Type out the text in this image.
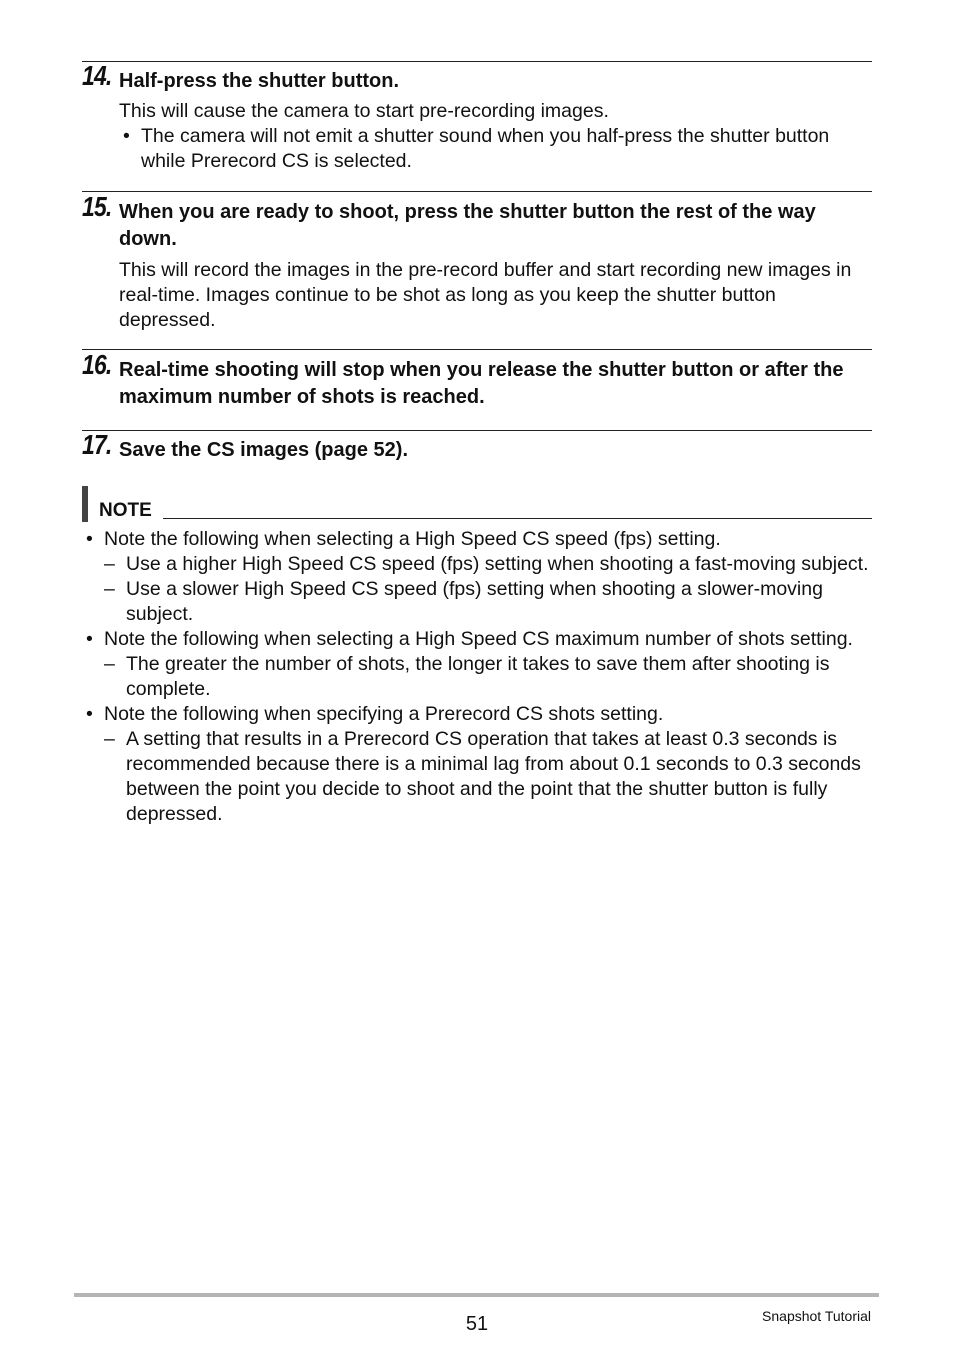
14. Half-press the shutter button.
This will cause the camera to start pre-recording images.
• The camera will not emit a shutter sound when you half-press the shutter button while Prerecord CS is selected.
15. When you are ready to shoot, press the shutter button the rest of the way down.
This will record the images in the pre-record buffer and start recording new images in real-time. Images continue to be shot as long as you keep the shutter button depressed.
16. Real-time shooting will stop when you release the shutter button or after the maximum number of shots is reached.
17. Save the CS images (page 52).
NOTE
• Note the following when selecting a High Speed CS speed (fps) setting.
– Use a higher High Speed CS speed (fps) setting when shooting a fast-moving subject.
– Use a slower High Speed CS speed (fps) setting when shooting a slower-moving subject.
• Note the following when selecting a High Speed CS maximum number of shots setting.
– The greater the number of shots, the longer it takes to save them after shooting is complete.
• Note the following when specifying a Prerecord CS shots setting.
– A setting that results in a Prerecord CS operation that takes at least 0.3 seconds is recommended because there is a minimal lag from about 0.1 seconds to 0.3 seconds between the point you decide to shoot and the point that the shutter button is fully depressed.
51	Snapshot Tutorial
